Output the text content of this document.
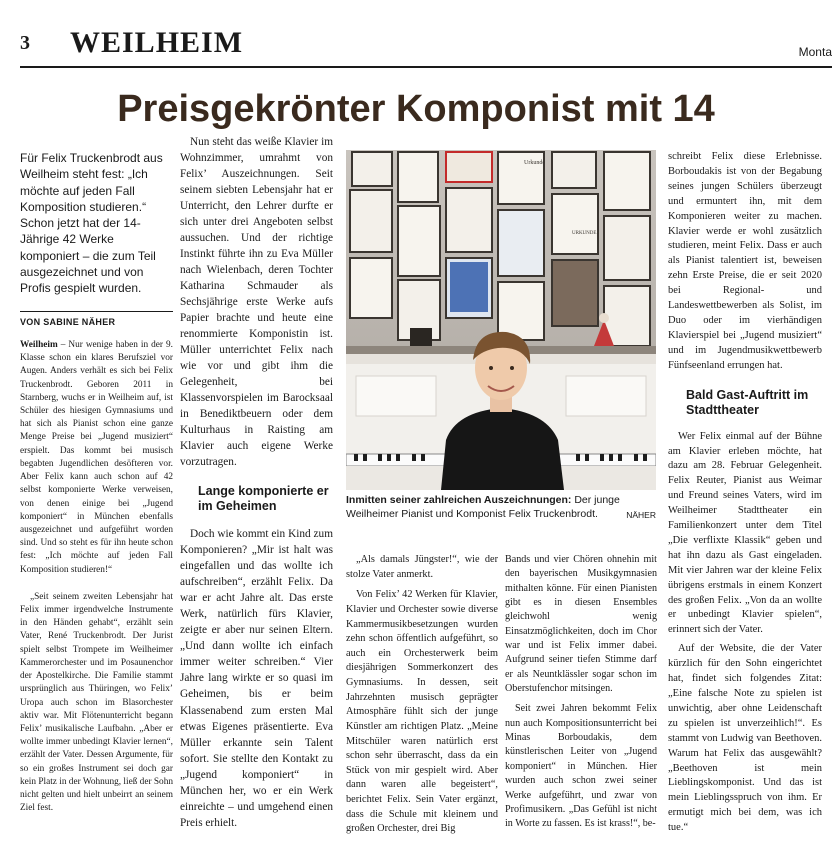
3 WEILHEIM	Monta
Preisgekrönter Komponist mit 14

Für Felix Truckenbrodt aus Weilheim steht fest: „Ich möchte auf jeden Fall Komposition studieren.“ Schon jetzt hat der 14-Jährige 42 Werke komponiert – die zum Teil ausgezeichnet und von Profis gespielt wurden.

VON SABINE NÄHER

Weilheim – Nur wenige haben in der 9. Klasse schon ein klares Berufsziel vor Augen. Anders verhält es sich bei Felix Truckenbrodt. Geboren 2011 in Starnberg, wuchs er in Weilheim auf, ist Schüler des hiesigen Gymnasiums und hat sich als Pianist schon eine ganze Menge Preise bei „Jugend musiziert“ erspielt. Das kommt bei musisch begabten Jugendlichen desöfteren vor. Aber Felix kann auch schon auf 42 selbst komponierte Werke verweisen, von denen einige bei „Jugend komponiert“ in München ebenfalls ausgezeichnet und aufgeführt worden sind. Und so steht es für ihn heute schon fest: „Ich möchte auf jeden Fall Komposition studieren!“

„Seit seinem zweiten Lebensjahr hat Felix immer irgendwelche Instrumente in den Händen gehabt“, erzählt sein Vater, René Truckenbrodt. Der Jurist spielt selbst Trompete im Weilheimer Kammerorchester und im Posaunenchor der Apostelkirche. Die Familie stammt ursprünglich aus Thüringen, wo Felix’ Uropa auch schon im Blasorchester aktiv war. Mit Flötenunterricht begann Felix’ musikalische Laufbahn. „Aber er wollte immer unbedingt Klavier lernen“, erzählt der Vater. Dessen Argumente, für so ein großes Instrument sei doch gar kein Platz in der Wohnung, ließ der Sohn nicht gelten und hielt unbeirrt an seinem Ziel fest.

Nun steht das weiße Klavier im Wohnzimmer, umrahmt von Felix’ Auszeichnungen. Seit seinem siebten Lebensjahr hat er Unterricht, den Lehrer durfte er sich unter drei Angeboten selbst aussuchen. Und der richtige Instinkt führte ihn zu Eva Müller nach Wielenbach, deren Tochter Katharina Schmauder als Sechsjährige erste Werke aufs Papier brachte und heute eine renommierte Komponistin ist. Müller unterrichtet Felix nach wie vor und gibt ihm die Gelegenheit, bei Klassenvorspielen im Barocksaal in Benediktbeuern oder dem Kulturhaus in Raisting am Klavier auch eigene Werke vorzutragen.

Lange komponierte er im Geheimen

Doch wie kommt ein Kind zum Komponieren? „Mir ist halt was eingefallen und das wollte ich aufschreiben“, erzählt Felix. Da war er acht Jahre alt. Das erste Werk, natürlich fürs Klavier, zeigte er aber nur seinen Eltern. „Und dann wollte ich einfach immer weiter schreiben.“ Vier Jahre lang wirkte er so quasi im Geheimen, bis er beim Klassenabend zum ersten Mal etwas Eigenes präsentierte. Eva Müller erkannte sein Talent sofort. Sie stellte den Kontakt zu „Jugend komponiert“ in München her, wo er ein Werk einreichte – und umgehend einen Preis erhielt.

Urkunde
URKUNDE
Inmitten seiner zahlreichen Auszeichnungen: Der junge Weilheimer Pianist und Komponist Felix Truckenbrodt.	NÄHER

„Als damals Jüngster!“, wie der stolze Vater anmerkt.

Von Felix’ 42 Werken für Klavier, Klavier und Orchester sowie diverse Kammermusikbesetzungen wurden zehn schon öffentlich aufgeführt, so auch ein Orchesterwerk beim diesjährigen Sommerkonzert des Gymnasiums. In dessen, seit Jahrzehnten musisch geprägter Atmosphäre fühlt sich der junge Künstler am richtigen Platz. „Meine Mitschüler waren natürlich erst schon sehr überrascht, dass da ein Stück von mir gespielt wird. Aber dann waren alle begeistert“, berichtet Felix. Sein Vater ergänzt, dass die Schule mit kleinem und großen Orchester, drei Big

Bands und vier Chören ohnehin mit den bayerischen Musikgymnasien mithalten könne. Für einen Pianisten gibt es in diesen Ensembles gleichwohl wenig Einsatzmöglichkeiten, doch im Chor war und ist Felix immer dabei. Aufgrund seiner tiefen Stimme darf er als Neuntklässler sogar schon im Oberstufenchor mitsingen.

Seit zwei Jahren bekommt Felix nun auch Kompositionsunterricht bei Minas Borboudakis, dem künstlerischen Leiter von „Jugend komponiert“ in München. Hier wurden auch schon zwei seiner Werke aufgeführt, und zwar von Profimusikern. „Das Gefühl ist nicht in Worte zu fassen. Es ist krass!“, be-

schreibt Felix diese Erlebnisse. Borboudakis ist von der Begabung seines jungen Schülers überzeugt und ermuntert ihn, mit dem Komponieren weiter zu machen. Klavier werde er wohl zusätzlich studieren, meint Felix. Dass er auch als Pianist talentiert ist, beweisen zehn Erste Preise, die er seit 2020 bei Regional- und Landeswettbewerben als Solist, im Duo oder im vierhändigen Klavierspiel bei „Jugend musiziert“ und im Jugendmusikwettbewerb Fünfseenland errungen hat.

Bald Gast-Auftritt im Stadttheater

Wer Felix einmal auf der Bühne am Klavier erleben möchte, hat dazu am 28. Februar Gelegenheit. Felix Reuter, Pianist aus Weimar und Freund seines Vaters, wird im Weilheimer Stadttheater ein Familienkonzert unter dem Titel „Die verflixte Klassik“ geben und hat ihn dazu als Gast eingeladen. Mit vier Jahren war der kleine Felix übrigens erstmals in einem Konzert des großen Felix. „Von da an wollte er unbedingt Klavier spielen“, erinnert sich der Vater.

Auf der Website, die der Vater kürzlich für den Sohn eingerichtet hat, findet sich folgendes Zitat: „Eine falsche Note zu spielen ist unwichtig, aber ohne Leidenschaft zu spielen ist unverzeihlich!“. Es stammt von Ludwig van Beethoven. Warum hat Felix das ausgewählt? „Beethoven ist mein Lieblingskomponist. Und das ist mein Lieblingsspruch von ihm. Er ermutigt mich bei dem, was ich tue.“
